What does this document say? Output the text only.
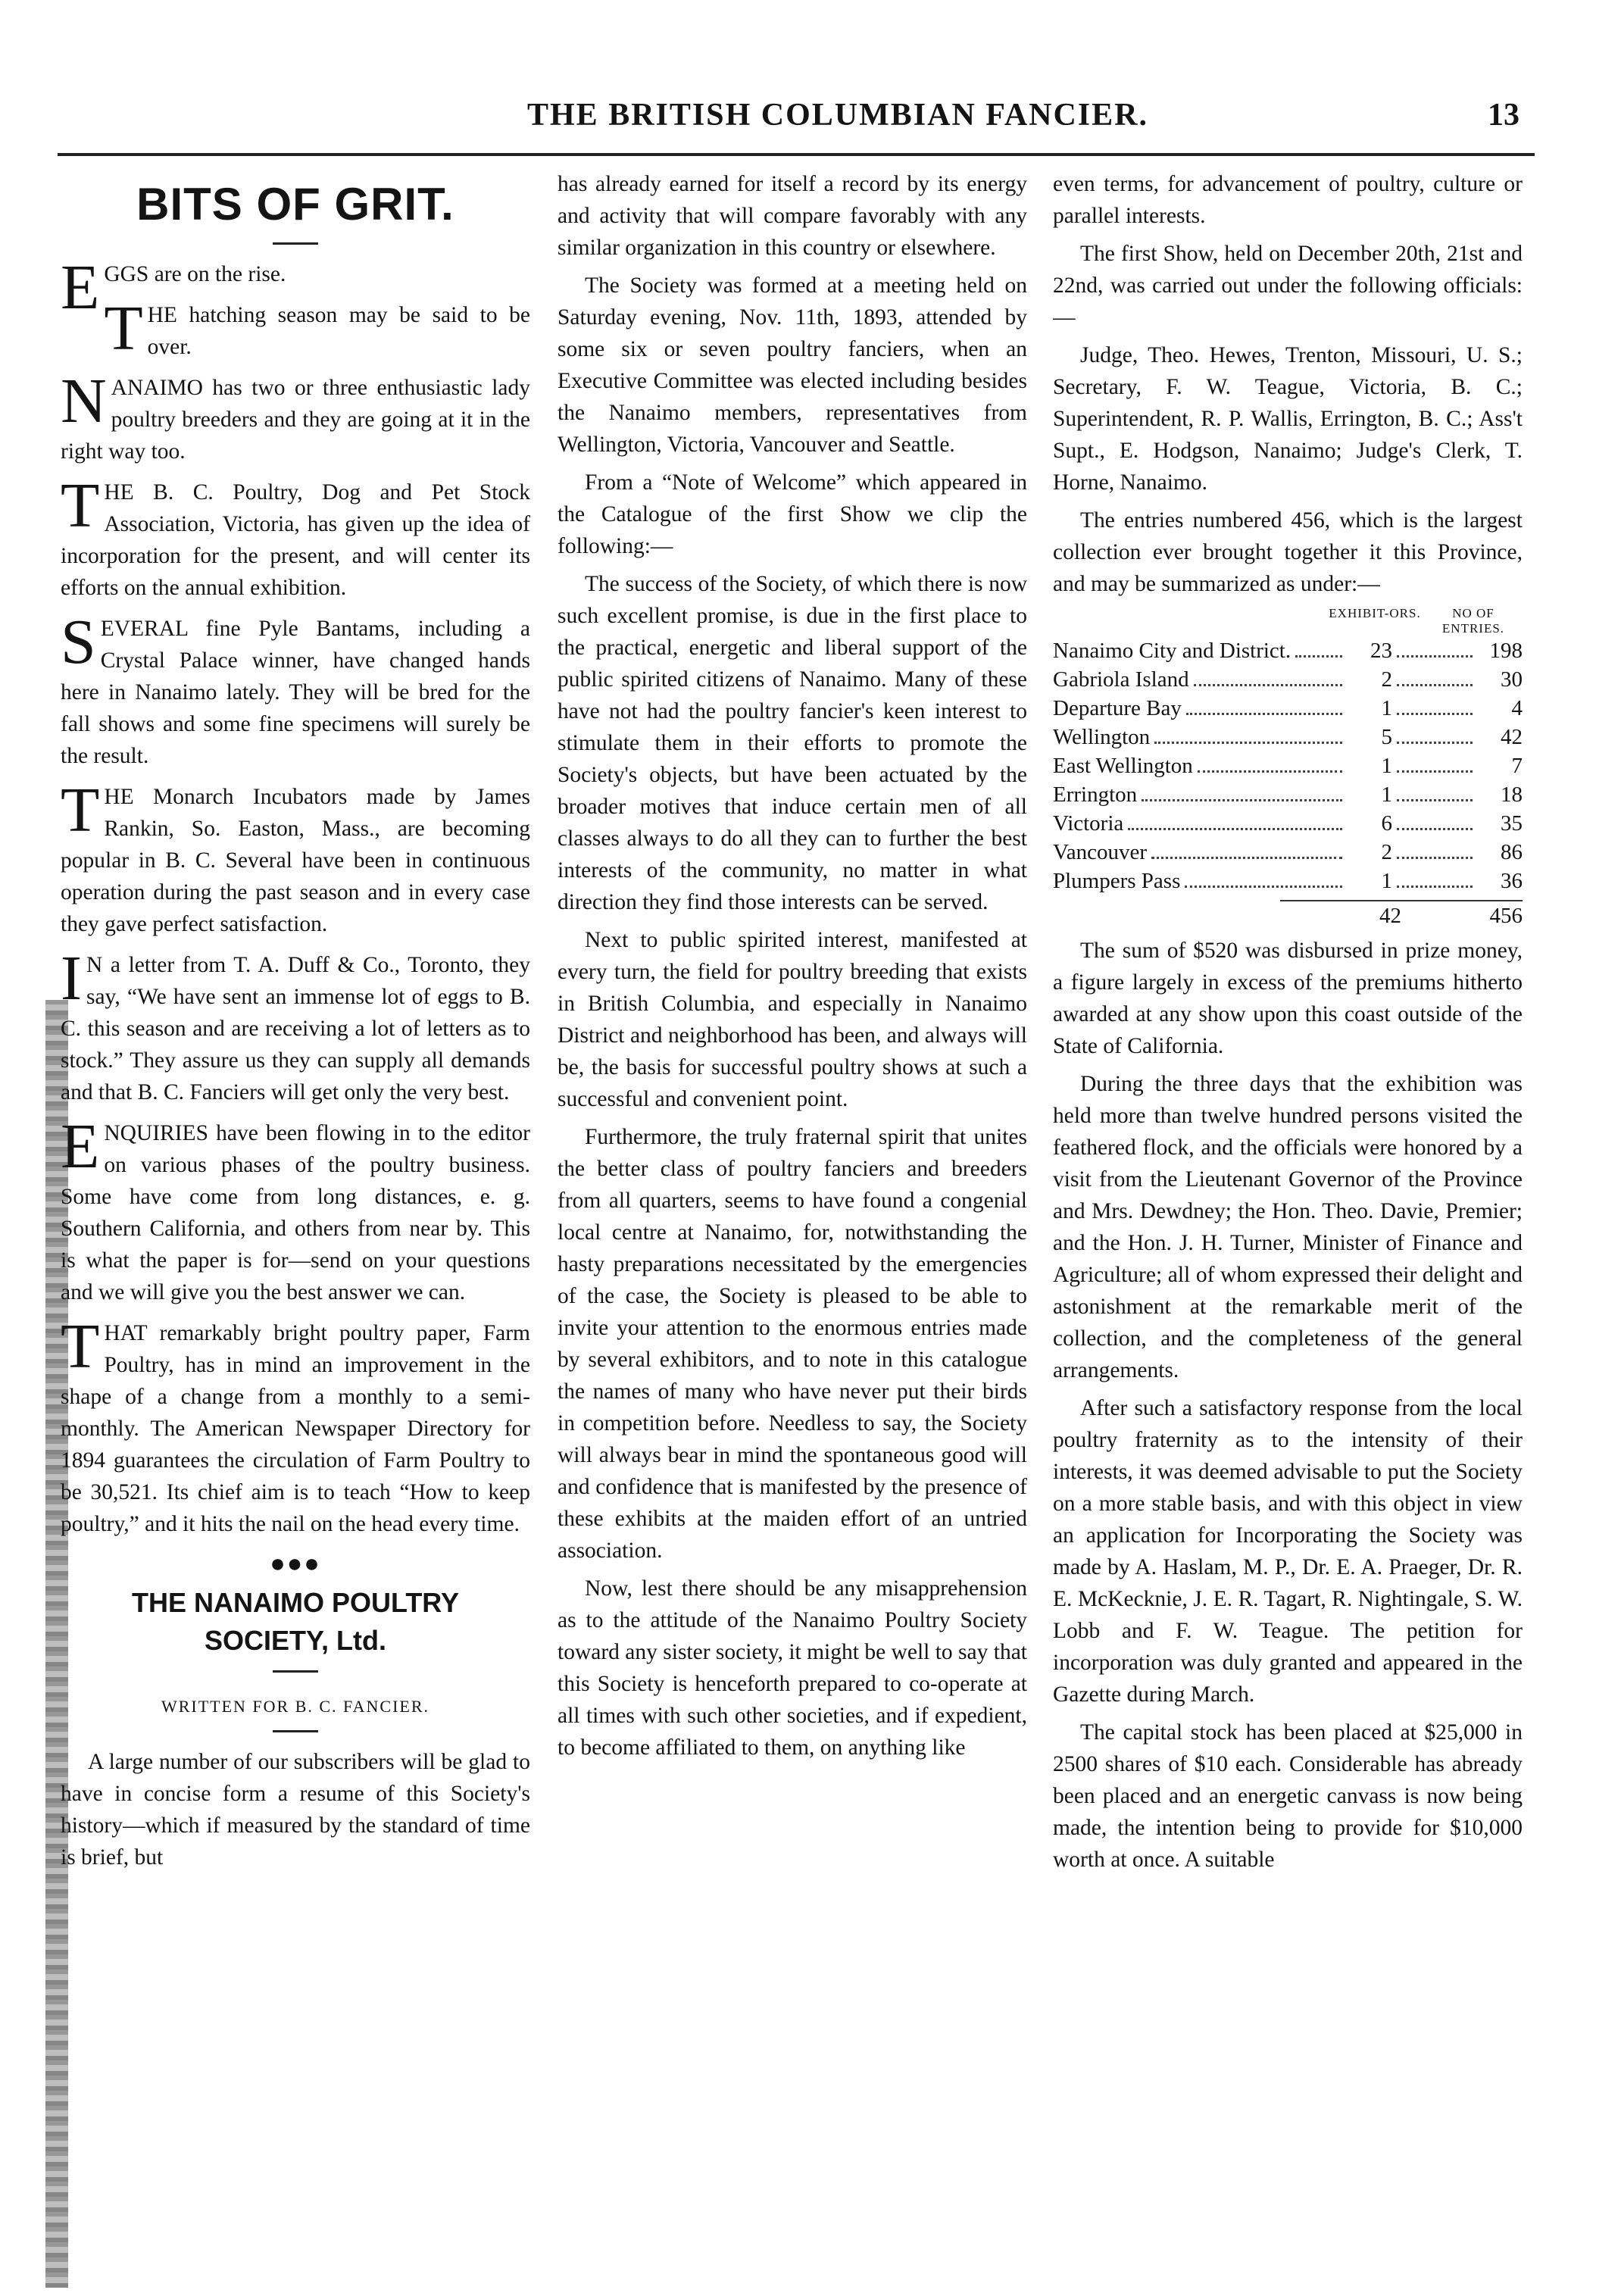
THE BRITISH COLUMBIAN FANCIER.	13
BITS OF GRIT.

EGGS are on the rise.

THE hatching season may be said to be over.

NANAIMO has two or three enthusiastic lady poultry breeders and they are going at it in the right way too.

THE B. C. Poultry, Dog and Pet Stock Association, Victoria, has given up the idea of incorporation for the present, and will center its efforts on the annual exhibition.

SEVERAL fine Pyle Bantams, including a Crystal Palace winner, have changed hands here in Nanaimo lately. They will be bred for the fall shows and some fine specimens will surely be the result.

THE Monarch Incubators made by James Rankin, So. Easton, Mass., are becoming popular in B. C. Several have been in continuous operation during the past season and in every case they gave perfect satisfaction.

I N a letter from T. A. Duff & Co., Toronto, they say, “We have sent an immense lot of eggs to B. C. this season and are receiving a lot of letters as to stock.” They assure us they can supply all demands and that B. C. Fanciers will get only the very best.

ENQUIRIES have been flowing in to the editor on various phases of the poultry business. Some have come from long distances, e. g. Southern California, and others from near by. This is what the paper is for—send on your questions and we will give you the best answer we can.

THAT remarkably bright poultry paper, Farm Poultry, has in mind an improvement in the shape of a change from a monthly to a semi-monthly. The American Newspaper Directory for 1894 guarantees the circulation of Farm Poultry to be 30,521. Its chief aim is to teach “How to keep poultry,” and it hits the nail on the head every time.

●●●
THE NANAIMO POULTRY
SOCIETY, Ltd.
WRITTEN FOR B. C. FANCIER.

A large number of our subscribers will be glad to have in concise form a resume of this Society's history—which if measured by the standard of time is brief, but

has already earned for itself a record by its energy and activity that will compare favorably with any similar organization in this country or elsewhere.

The Society was formed at a meeting held on Saturday evening, Nov. 11th, 1893, attended by some six or seven poultry fanciers, when an Executive Committee was elected including besides the Nanaimo members, representatives from Wellington, Victoria, Vancouver and Seattle.

From a “Note of Welcome” which appeared in the Catalogue of the first Show we clip the following:—

The success of the Society, of which there is now such excellent promise, is due in the first place to the practical, energetic and liberal support of the public spirited citizens of Nanaimo. Many of these have not had the poultry fancier's keen interest to stimulate them in their efforts to promote the Society's objects, but have been actuated by the broader motives that induce certain men of all classes always to do all they can to further the best interests of the community, no matter in what direction they find those interests can be served.

Next to public spirited interest, manifested at every turn, the field for poultry breeding that exists in British Columbia, and especially in Nanaimo District and neighborhood has been, and always will be, the basis for successful poultry shows at such a successful and convenient point.

Furthermore, the truly fraternal spirit that unites the better class of poultry fanciers and breeders from all quarters, seems to have found a congenial local centre at Nanaimo, for, notwithstanding the hasty preparations necessitated by the emergencies of the case, the Society is pleased to be able to invite your attention to the enormous entries made by several exhibitors, and to note in this catalogue the names of many who have never put their birds in competition before. Needless to say, the Society will always bear in mind the spontaneous good will and confidence that is manifested by the presence of these exhibits at the maiden effort of an untried association.

Now, lest there should be any misapprehension as to the attitude of the Nanaimo Poultry Society toward any sister society, it might be well to say that this Society is henceforth prepared to co-operate at all times with such other societies, and if expedient, to become affiliated to them, on anything like

even terms, for advancement of poultry, culture or parallel interests.

The first Show, held on December 20th, 21st and 22nd, was carried out under the following officials:—

Judge, Theo. Hewes, Trenton, Missouri, U. S.; Secretary, F. W. Teague, Victoria, B. C.; Superintendent, R. P. Wallis, Errington, B. C.; Ass't Supt., E. Hodgson, Nanaimo; Judge's Clerk, T. Horne, Nanaimo.

The entries numbered 456, which is the largest collection ever brought together it this Province, and may be summarized as under:—

EXHIBIT-ORS.	NO OF ENTRIES.
Nanaimo City and District.	23	198
Gabriola Island	2	30
Departure Bay	1	4
Wellington	5	42
East Wellington	1	7
Errington	1	18
Victoria	6	35
Vancouver	2	86
Plumpers Pass	1	36
42	456

The sum of $520 was disbursed in prize money, a figure largely in excess of the premiums hitherto awarded at any show upon this coast outside of the State of California.

During the three days that the exhibition was held more than twelve hundred persons visited the feathered flock, and the officials were honored by a visit from the Lieutenant Governor of the Province and Mrs. Dewdney; the Hon. Theo. Davie, Premier; and the Hon. J. H. Turner, Minister of Finance and Agriculture; all of whom expressed their delight and astonishment at the remarkable merit of the collection, and the completeness of the general arrangements.

After such a satisfactory response from the local poultry fraternity as to the intensity of their interests, it was deemed advisable to put the Society on a more stable basis, and with this object in view an application for Incorporating the Society was made by A. Haslam, M. P., Dr. E. A. Praeger, Dr. R. E. McKecknie, J. E. R. Tagart, R. Nightingale, S. W. Lobb and F. W. Teague. The petition for incorporation was duly granted and appeared in the Gazette during March.

The capital stock has been placed at $25,000 in 2500 shares of $10 each. Considerable has abready been placed and an energetic canvass is now being made, the intention being to provide for $10,000 worth at once. A suitable
